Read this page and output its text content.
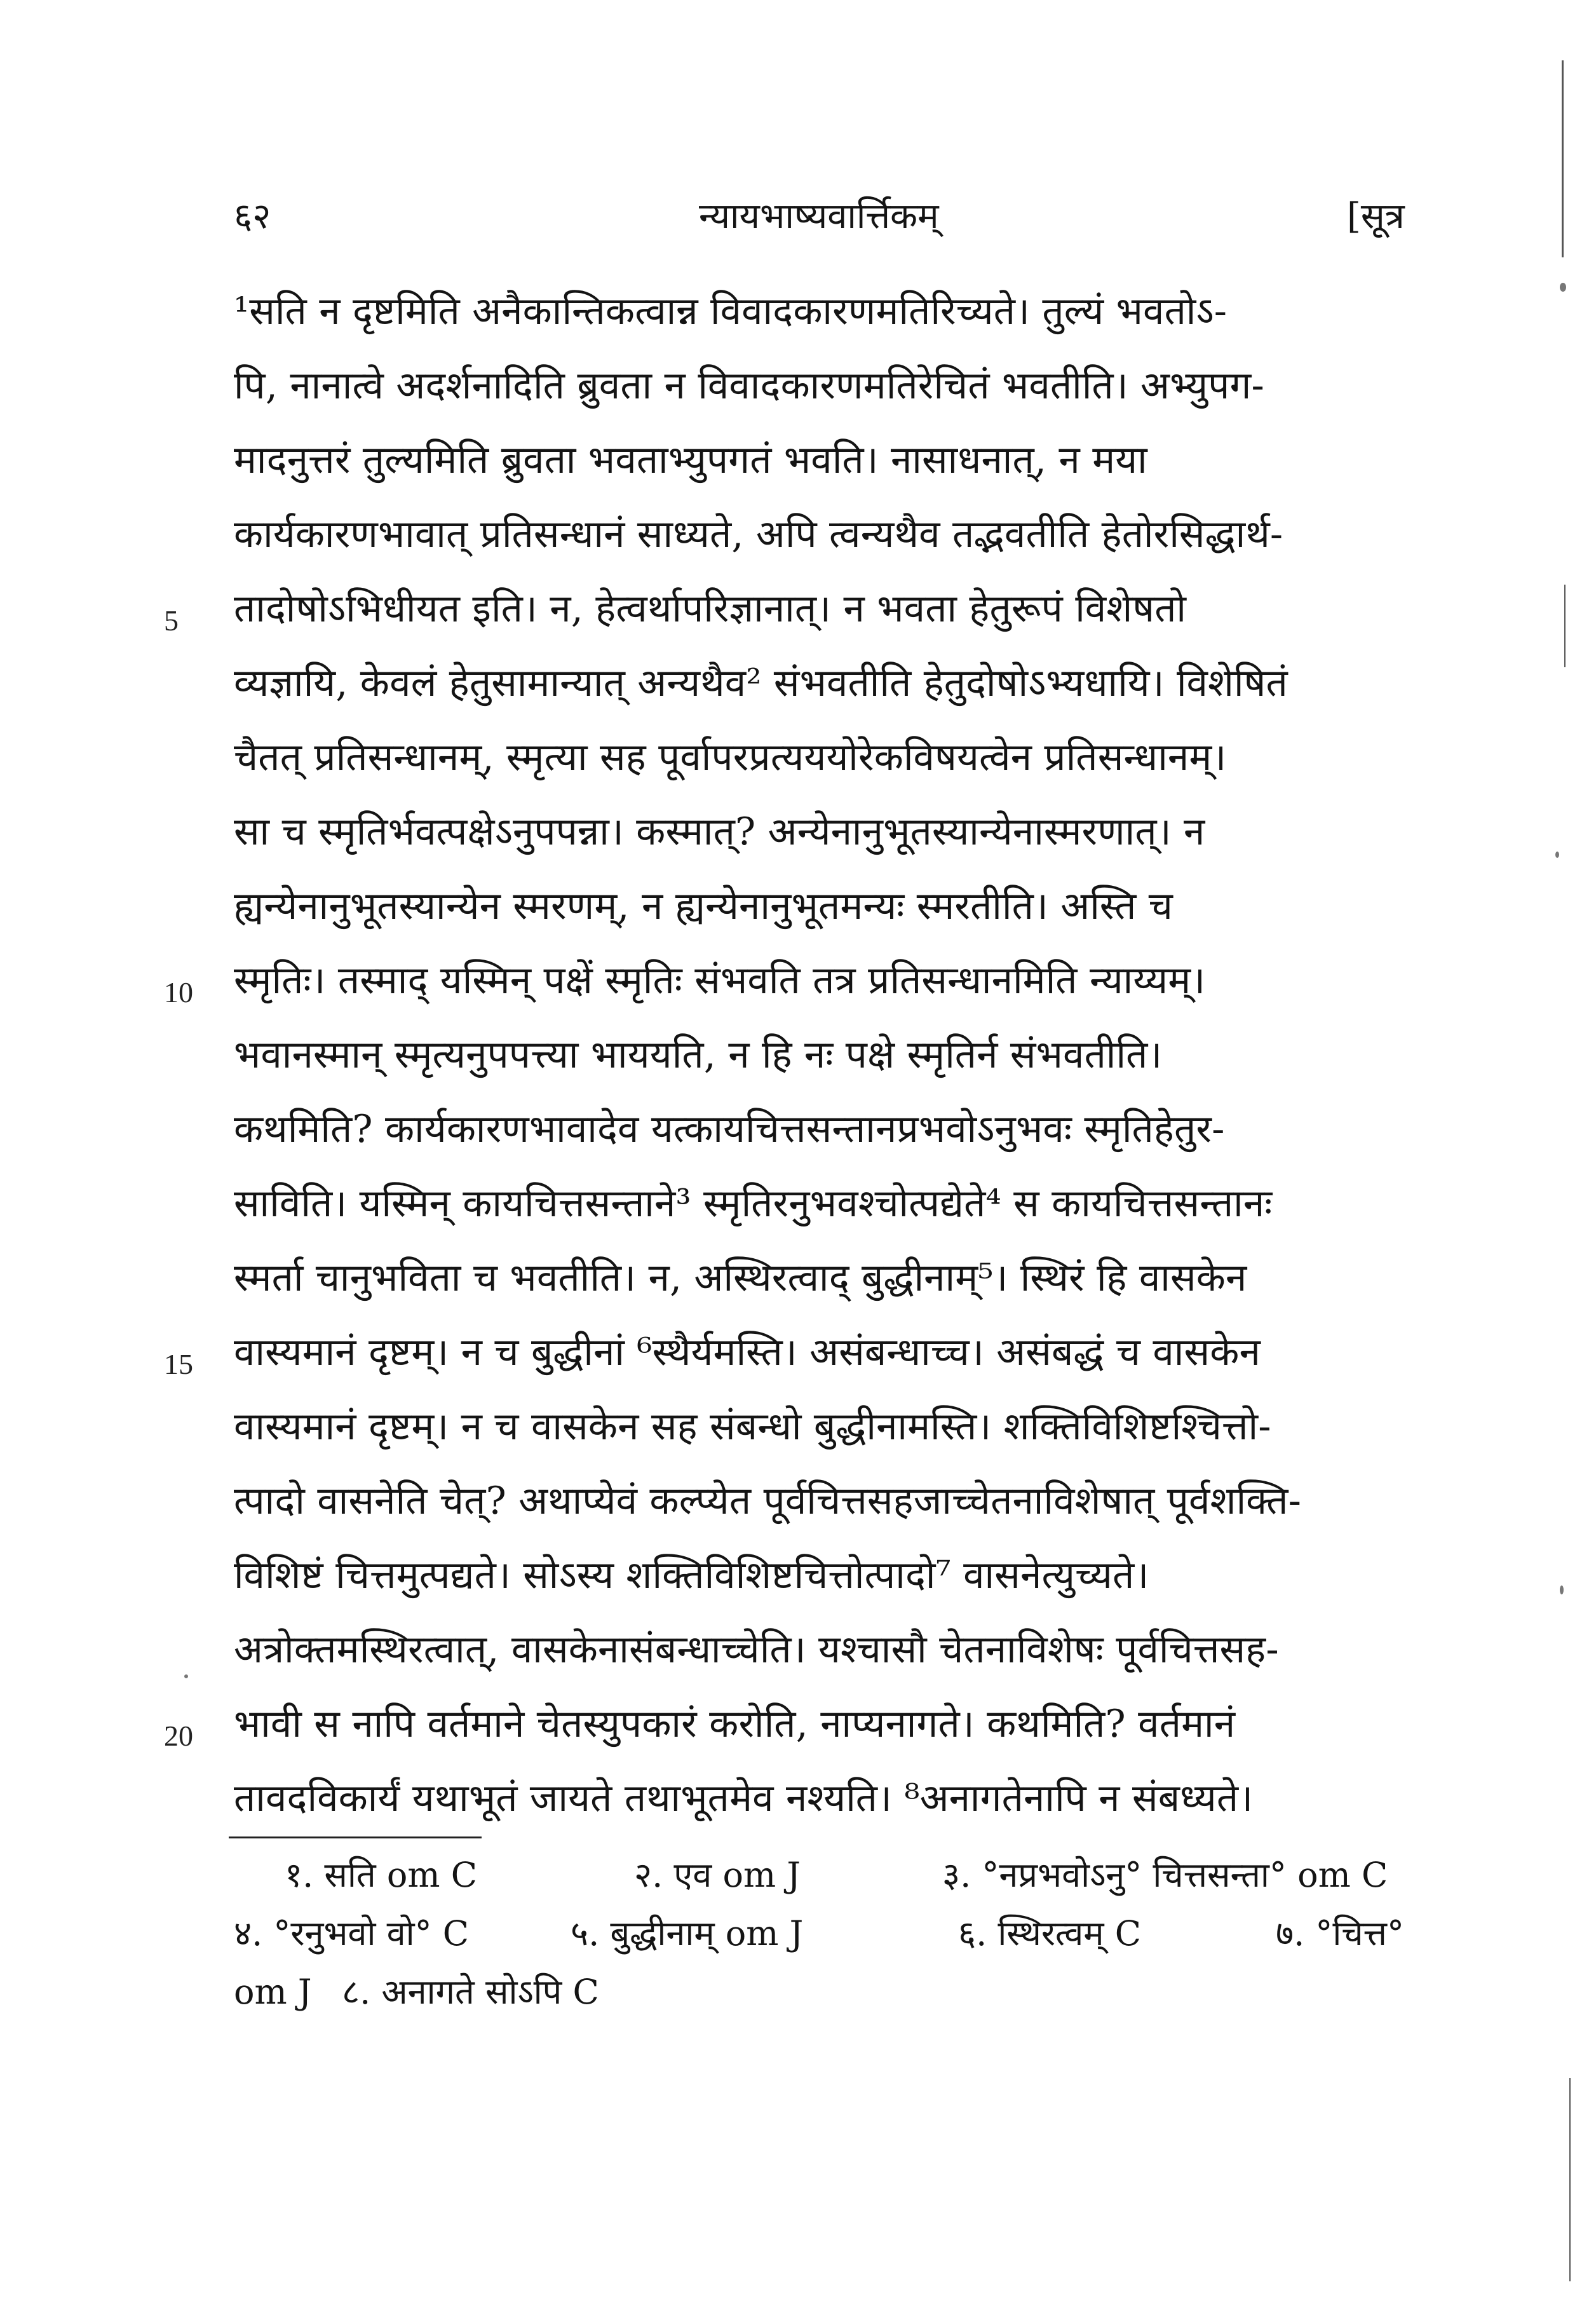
६२	न्यायभाष्यवार्त्तिकम्	[सूत्र
¹सति न दृष्टमिति अनैकान्तिकत्वान्न विवादकारणमतिरिच्यते। तुल्यं भवतोऽ-
पि, नानात्वे अदर्शनादिति ब्रुवता न विवादकारणमतिरेचितं भवतीति। अभ्युपग-
मादनुत्तरं तुल्यमिति ब्रुवता भवताभ्युपगतं भवति। नासाधनात्, न मया
कार्यकारणभावात् प्रतिसन्धानं साध्यते, अपि त्वन्यथैव तद्भवतीति हेतोरसिद्धार्थ-
तादोषोऽभिधीयत इति। न, हेत्वर्थापरिज्ञानात्। न भवता हेतुरूपं विशेषतो
व्यज्ञायि, केवलं हेतुसामान्यात् अन्यथैव² संभवतीति हेतुदोषोऽभ्यधायि। विशेषितं
चैतत् प्रतिसन्धानम्, स्मृत्या सह पूर्वापरप्रत्यययोरेकविषयत्वेन प्रतिसन्धानम्।
सा च स्मृतिर्भवत्पक्षेऽनुपपन्ना। कस्मात्? अन्येनानुभूतस्यान्येनास्मरणात्। न
ह्यन्येनानुभूतस्यान्येन स्मरणम्, न ह्यन्येनानुभूतमन्यः स्मरतीति। अस्ति च
स्मृतिः। तस्माद् यस्मिन् पक्षें स्मृतिः संभवति तत्र प्रतिसन्धानमिति न्याय्यम्।
भवानस्मान् स्मृत्यनुपपत्त्या भाययति, न हि नः पक्षे स्मृतिर्न संभवतीति।
कथमिति? कार्यकारणभावादेव यत्कायचित्तसन्तानप्रभवोऽनुभवः स्मृतिहेतुर-
साविति। यस्मिन् कायचित्तसन्ताने³ स्मृतिरनुभवश्चोत्पद्येते⁴ स कायचित्तसन्तानः
स्मर्ता चानुभविता च भवतीति। न, अस्थिरत्वाद् बुद्धीनाम्⁵। स्थिरं हि वासकेन
वास्यमानं दृष्टम्। न च बुद्धीनां ⁶स्थैर्यमस्ति। असंबन्धाच्च। असंबद्धं च वासकेन
वास्यमानं दृष्टम्। न च वासकेन सह संबन्धो बुद्धीनामस्ति। शक्तिविशिष्टश्चित्तो-
त्पादो वासनेति चेत्? अथाप्येवं कल्प्येत पूर्वचित्तसहजाच्चेतनाविशेषात् पूर्वशक्ति-
विशिष्टं चित्तमुत्पद्यते। सोऽस्य शक्तिविशिष्टचित्तोत्पादो⁷ वासनेत्युच्यते।
अत्रोक्तमस्थिरत्वात्, वासकेनासंबन्धाच्चेति। यश्चासौ चेतनाविशेषः पूर्वचित्तसह-
भावी स नापि वर्तमाने चेतस्युपकारं करोति, नाप्यनागते। कथमिति? वर्तमानं
तावदविकार्यं यथाभूतं जायते तथाभूतमेव नश्यति। ⁸अनागतेनापि न संबध्यते।
5
10
15
20
१. सति om C	२. एव om J	३. °नप्रभवोऽनु° चित्तसन्ता° om C
४. °रनुभवो वो° C	५. बुद्धीनाम् om J	६. स्थिरत्वम् C	७. °चित्त°
om J ८. अनागते सोऽपि C
